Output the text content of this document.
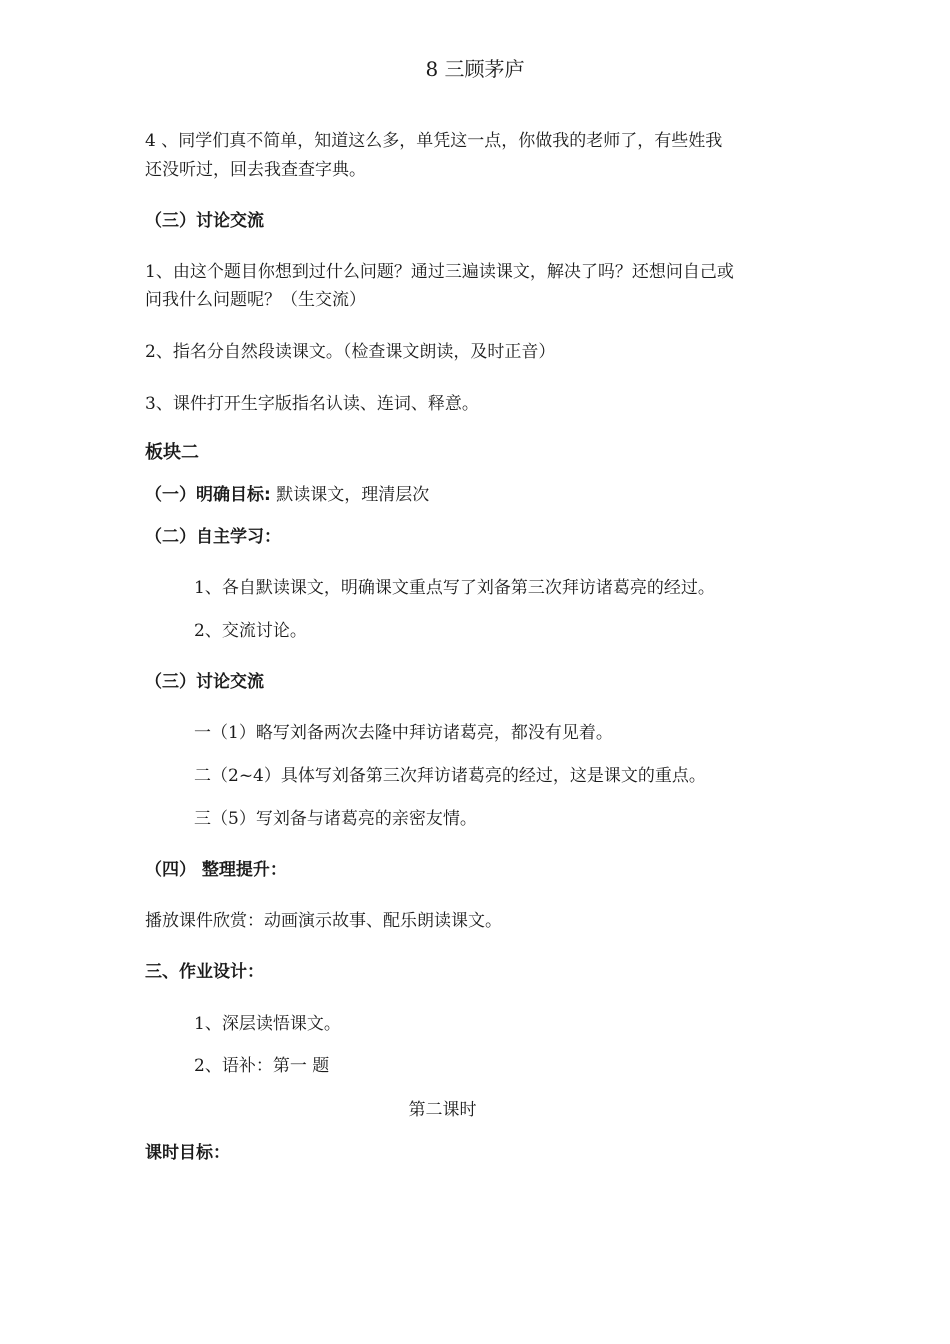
8 三顾茅庐
4 、同学们真不简单，知道这么多，单凭这一点，你做我的老师了，有些姓我
还没听过，回去我查查字典。
（三）讨论交流
1、由这个题目你想到过什么问题？通过三遍读课文，解决了吗？还想问自己或
问我什么问题呢？（生交流）
2、指名分自然段读课文。（检查课文朗读，及时正音）
3、课件打开生字版指名认读、连词、释意。
板块二
（一）明确目标: 默读课文，理清层次
（二）自主学习：
1、各自默读课文，明确课文重点写了刘备第三次拜访诸葛亮的经过。
2、交流讨论。
（三）讨论交流
一（1）略写刘备两次去隆中拜访诸葛亮，都没有见着。
二（2~4）具体写刘备第三次拜访诸葛亮的经过，这是课文的重点。
三（5）写刘备与诸葛亮的亲密友情。
（四） 整理提升：
播放课件欣赏：动画演示故事、配乐朗读课文。
三、作业设计：
1、深层读悟课文。
2、语补：第一 题
第二课时
课时目标：
